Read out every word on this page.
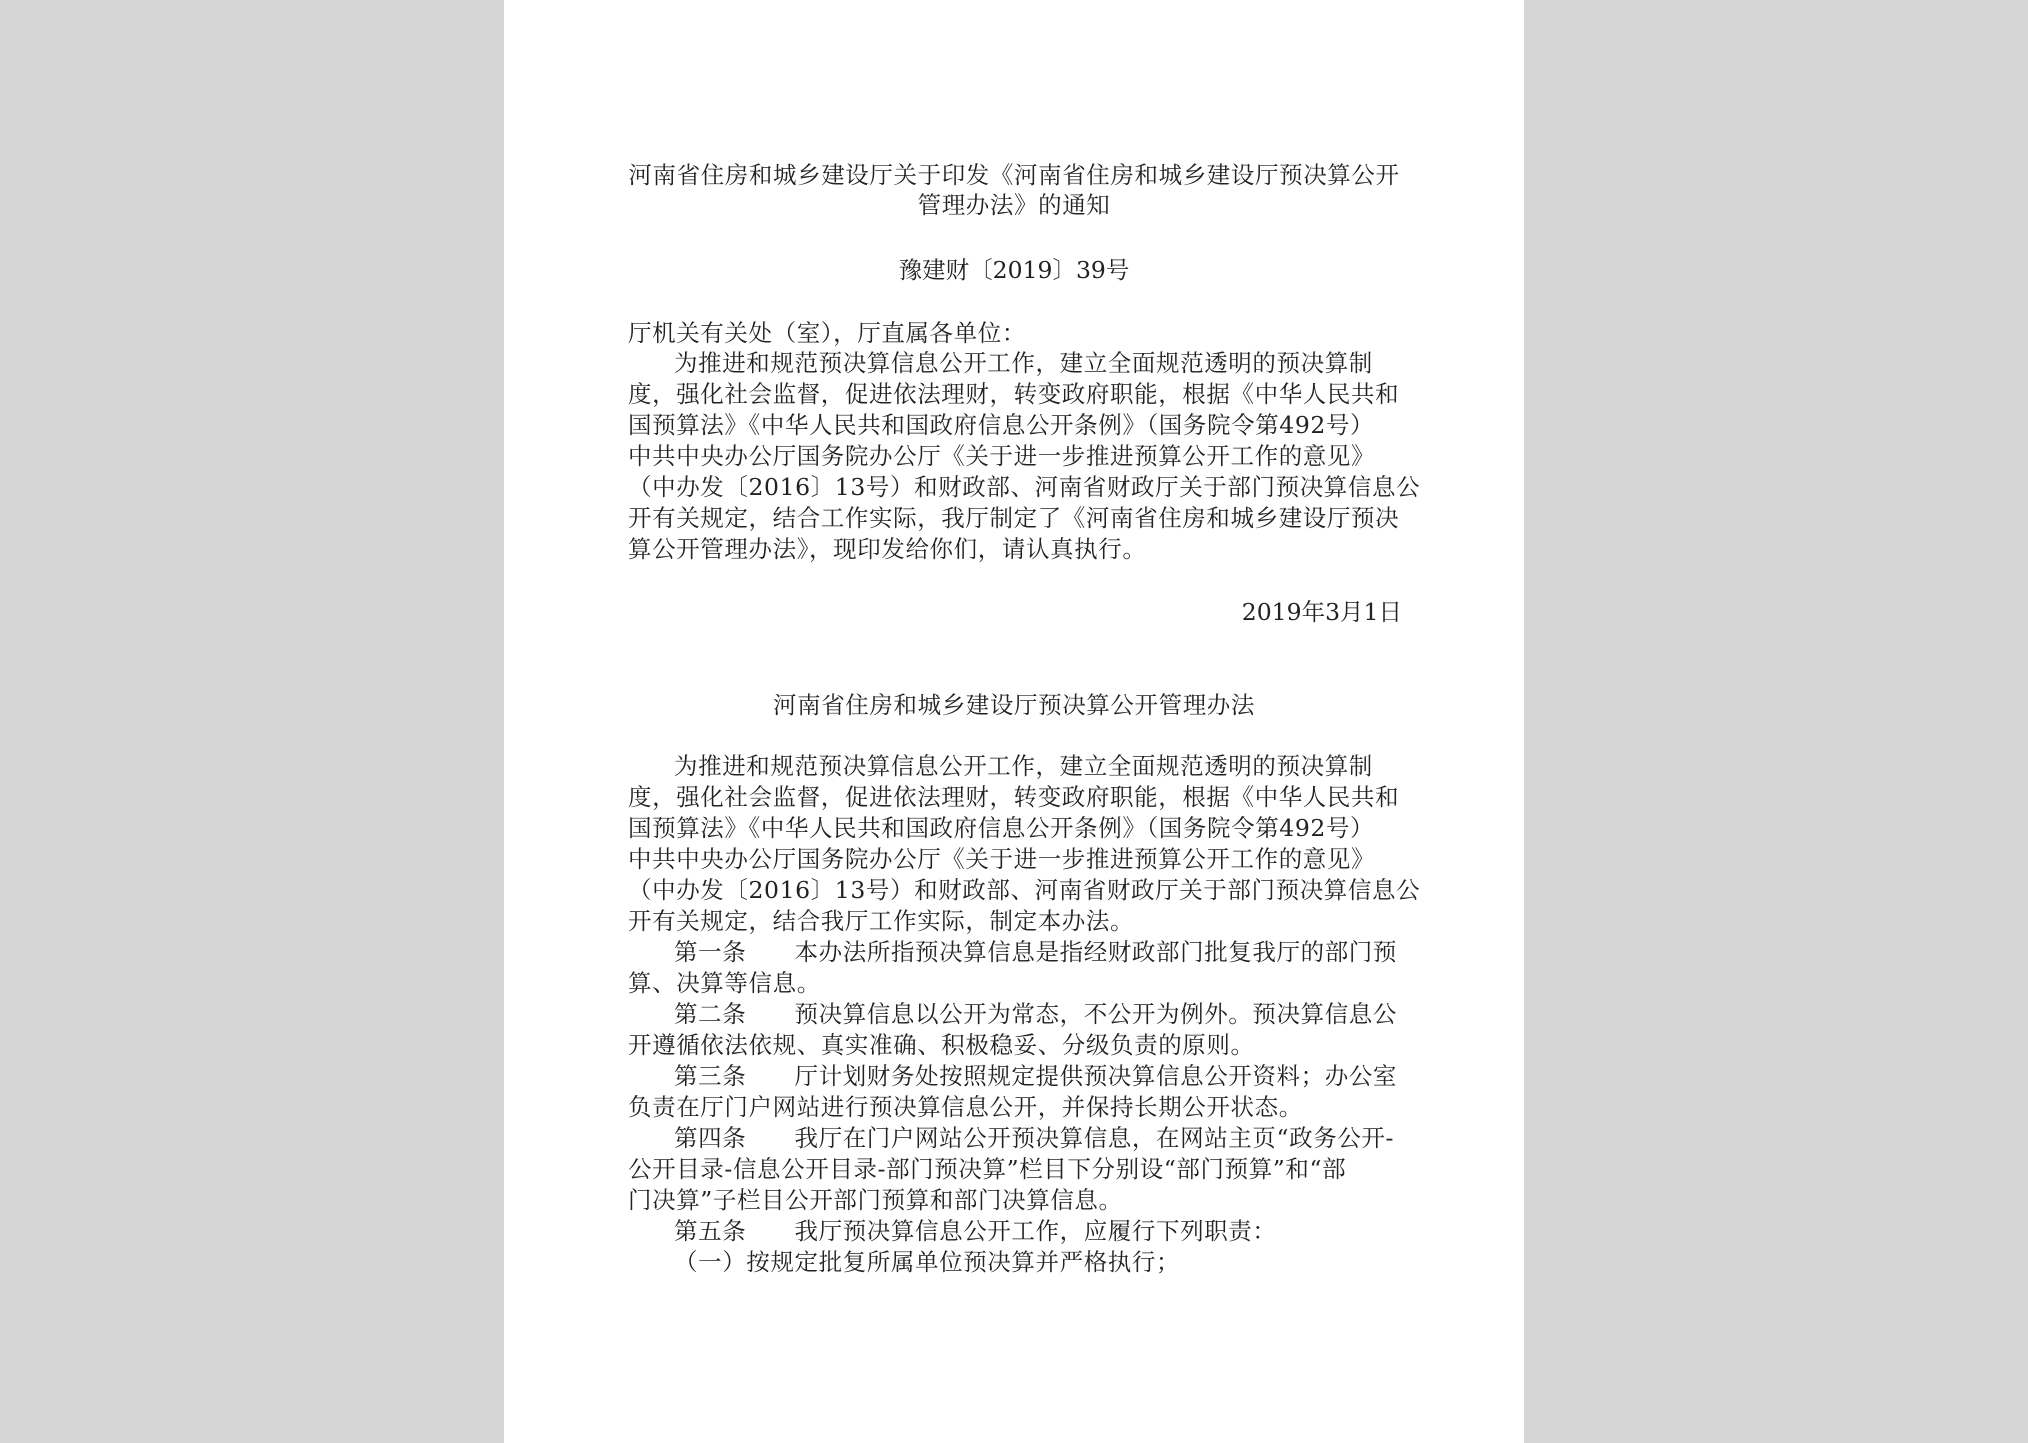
河南省住房和城乡建设厅关于印发《河南省住房和城乡建设厅预决算公开
管理办法》的通知
豫建财〔2019〕39号
厅机关有关处（室），厅直属各单位：
为推进和规范预决算信息公开工作，建立全面规范透明的预决算制
度，强化社会监督，促进依法理财，转变政府职能，根据《中华人民共和
国预算法》《中华人民共和国政府信息公开条例》（国务院令第492号）
中共中央办公厅国务院办公厅《关于进一步推进预算公开工作的意见》
（中办发〔2016〕13号）和财政部、河南省财政厅关于部门预决算信息公
开有关规定，结合工作实际，我厅制定了《河南省住房和城乡建设厅预决
算公开管理办法》，现印发给你们，请认真执行。
2019年3月1日
河南省住房和城乡建设厅预决算公开管理办法
为推进和规范预决算信息公开工作，建立全面规范透明的预决算制
度，强化社会监督，促进依法理财，转变政府职能，根据《中华人民共和
国预算法》《中华人民共和国政府信息公开条例》（国务院令第492号）
中共中央办公厅国务院办公厅《关于进一步推进预算公开工作的意见》
（中办发〔2016〕13号）和财政部、河南省财政厅关于部门预决算信息公
开有关规定，结合我厅工作实际，制定本办法。
第一条　　本办法所指预决算信息是指经财政部门批复我厅的部门预
算、决算等信息。
第二条　　预决算信息以公开为常态，不公开为例外。预决算信息公
开遵循依法依规、真实准确、积极稳妥、分级负责的原则。
第三条　　厅计划财务处按照规定提供预决算信息公开资料；办公室
负责在厅门户网站进行预决算信息公开，并保持长期公开状态。
第四条　　我厅在门户网站公开预决算信息，在网站主页“政务公开-
公开目录-信息公开目录-部门预决算”栏目下分别设“部门预算”和“部
门决算”子栏目公开部门预算和部门决算信息。
第五条　　我厅预决算信息公开工作，应履行下列职责：
（一）按规定批复所属单位预决算并严格执行；
